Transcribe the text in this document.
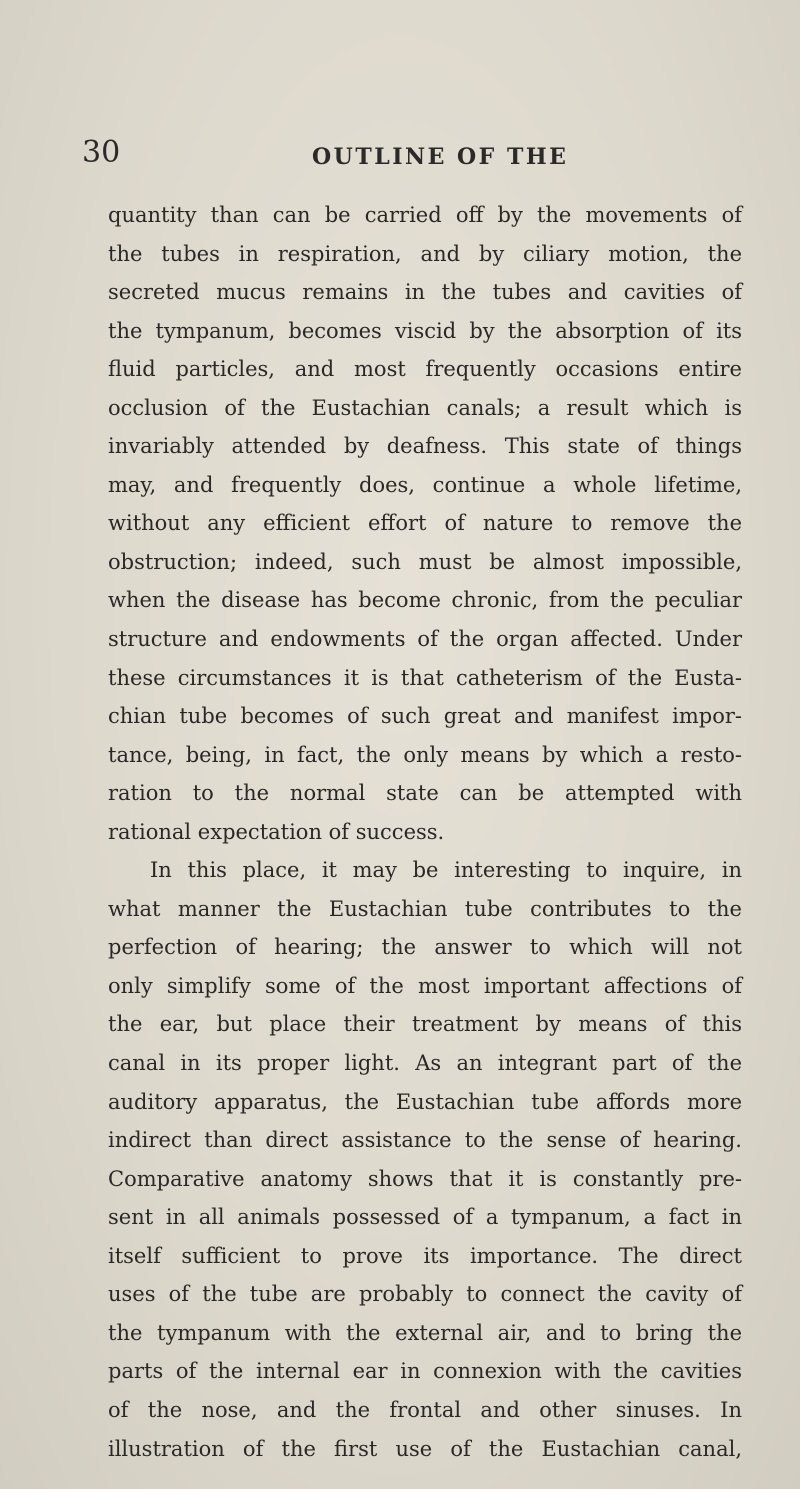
30	OUTLINE OF THE
quantity than can be carried off by the movements of
the tubes in respiration, and by ciliary motion, the
secreted mucus remains in the tubes and cavities of
the tympanum, becomes viscid by the absorption of its
fluid particles, and most frequently occasions entire
occlusion of the Eustachian canals; a result which is
invariably attended by deafness. This state of things
may, and frequently does, continue a whole lifetime,
without any efficient effort of nature to remove the
obstruction; indeed, such must be almost impossible,
when the disease has become chronic, from the peculiar
structure and endowments of the organ affected. Under
these circumstances it is that catheterism of the Eusta-
chian tube becomes of such great and manifest impor-
tance, being, in fact, the only means by which a resto-
ration to the normal state can be attempted with
rational expectation of success.
In this place, it may be interesting to inquire, in
what manner the Eustachian tube contributes to the
perfection of hearing; the answer to which will not
only simplify some of the most important affections of
the ear, but place their treatment by means of this
canal in its proper light. As an integrant part of the
auditory apparatus, the Eustachian tube affords more
indirect than direct assistance to the sense of hearing.
Comparative anatomy shows that it is constantly pre-
sent in all animals possessed of a tympanum, a fact in
itself sufficient to prove its importance. The direct
uses of the tube are probably to connect the cavity of
the tympanum with the external air, and to bring the
parts of the internal ear in connexion with the cavities
of the nose, and the frontal and other sinuses. In
illustration of the first use of the Eustachian canal,
